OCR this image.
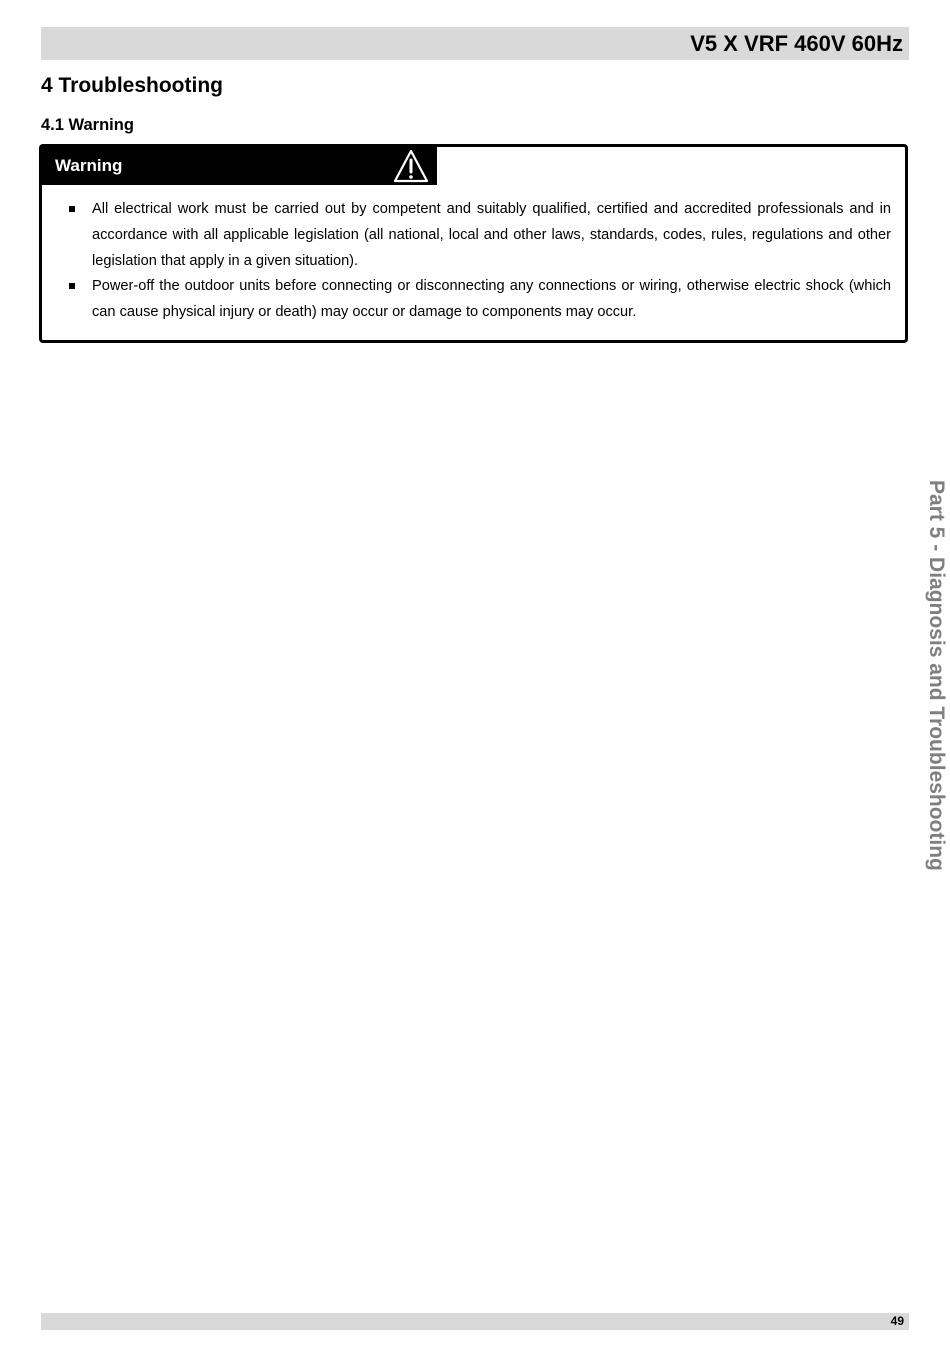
V5 X VRF 460V 60Hz
4 Troubleshooting
4.1 Warning
Warning
All electrical work must be carried out by competent and suitably qualified, certified and accredited professionals and in accordance with all applicable legislation (all national, local and other laws, standards, codes, rules, regulations and other legislation that apply in a given situation).
Power-off the outdoor units before connecting or disconnecting any connections or wiring, otherwise electric shock (which can cause physical injury or death) may occur or damage to components may occur.
Part 5 - Diagnosis and Troubleshooting
49
